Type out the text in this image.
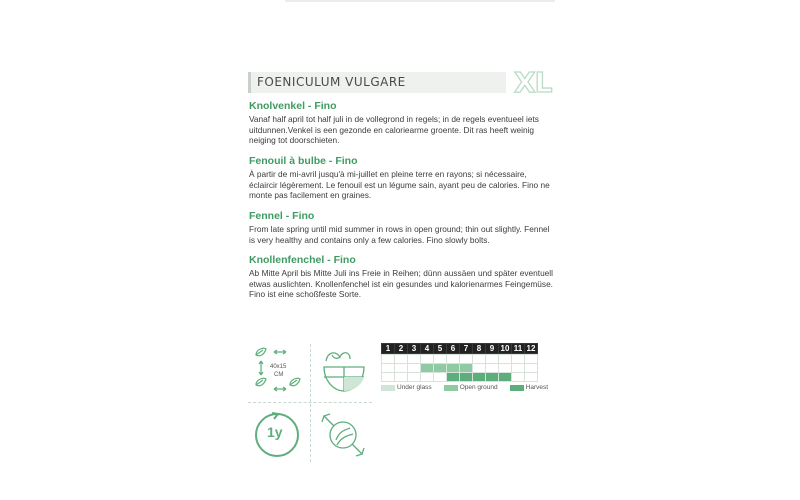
FOENICULUM VULGARE	XL
Knolvenkel - Fino
Vanaf half april tot half juli in de vollegrond in regels; in de regels eventueel iets uitdunnen.Venkel is een gezonde en caloriearme groente. Dit ras heeft weinig neiging tot doorschieten.
Fenouil à bulbe - Fino
À partir de mi-avril jusqu'à mi-juillet en pleine terre en rayons; si nécessaire, éclaircir légèrement. Le fenouil est un légume sain, ayant peu de calories. Fino ne monte pas facilement en graines.
Fennel - Fino
From late spring until mid summer in rows in open ground; thin out slightly. Fennel is very healthy and contains only a few calories. Fino slowly bolts.
Knollenfenchel - Fino
Ab Mitte April bis Mitte Juli ins Freie in Reihen; dünn aussäen und später eventuell etwas auslichten. Knollenfenchel ist ein gesundes und kalorienarmes Feingemüse. Fino ist eine schoßfeste Sorte.
40x15
CM
1y
1	2	3	4	5	6	7	8	9 10 11 12
Under glass	Open ground	Harvest
